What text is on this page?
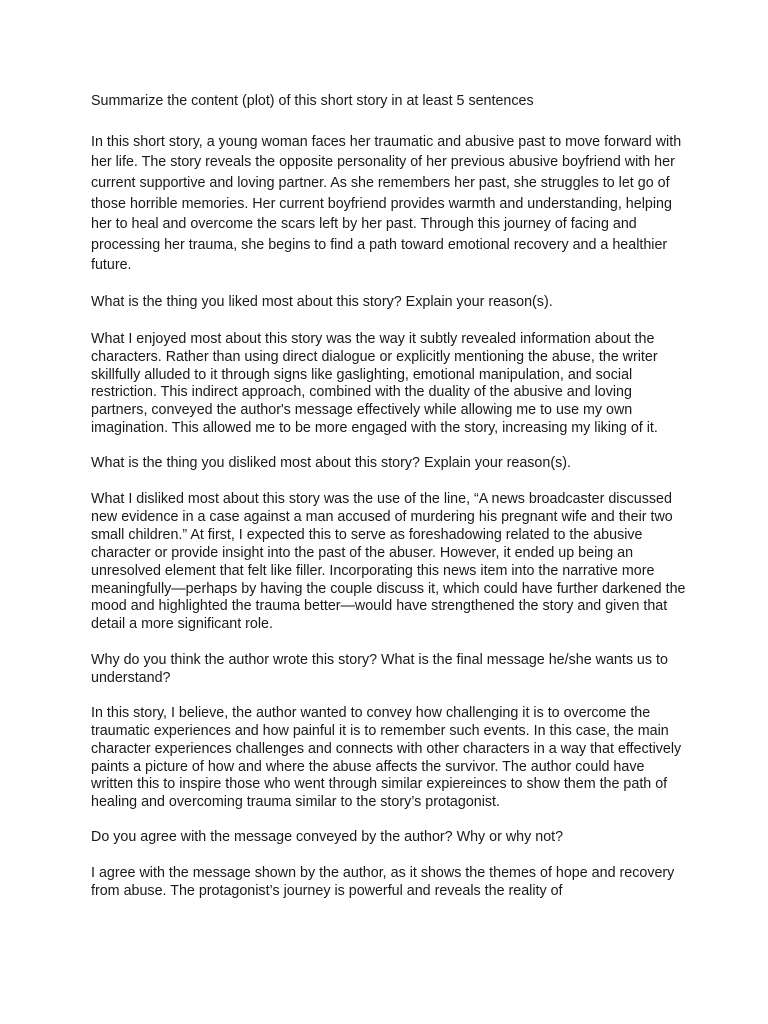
Summarize the content (plot) of this short story in at least 5 sentences

In this short story, a young woman faces her traumatic and abusive past to move forward with her life. The story reveals the opposite personality of her previous abusive boyfriend with her current supportive and loving partner. As she remembers her past, she struggles to let go of those horrible memories. Her current boyfriend provides warmth and understanding, helping her to heal and overcome the scars left by her past. Through this journey of facing and processing her trauma, she begins to find a path toward emotional recovery and a healthier future.

What is the thing you liked most about this story? Explain your reason(s).

What I enjoyed most about this story was the way it subtly revealed information about the characters. Rather than using direct dialogue or explicitly mentioning the abuse, the writer skillfully alluded to it through signs like gaslighting, emotional manipulation, and social restriction. This indirect approach, combined with the duality of the abusive and loving partners, conveyed the author's message effectively while allowing me to use my own imagination. This allowed me to be more engaged with the story, increasing my liking of it.

What is the thing you disliked most about this story? Explain your reason(s).

What I disliked most about this story was the use of the line, “A news broadcaster discussed new evidence in a case against a man accused of murdering his pregnant wife and their two small children.” At first, I expected this to serve as foreshadowing related to the abusive character or provide insight into the past of the abuser. However, it ended up being an unresolved element that felt like filler. Incorporating this news item into the narrative more meaningfully—perhaps by having the couple discuss it, which could have further darkened the mood and highlighted the trauma better—would have strengthened the story and given that detail a more significant role.

Why do you think the author wrote this story? What is the final message he/she wants us to understand?

In this story, I believe, the author wanted to convey how challenging it is to overcome the traumatic experiences and how painful it is to remember such events. In this case, the main character experiences challenges and connects with other characters in a way that effectively paints a picture of how and where the abuse affects the survivor. The author could have written this to inspire those who went through similar expiereinces to show them the path of healing and overcoming trauma similar to the story’s protagonist.

Do you agree with the message conveyed by the author? Why or why not?

I agree with the message shown by the author, as it shows the themes of hope and recovery from abuse. The protagonist’s journey is powerful and reveals the reality of
